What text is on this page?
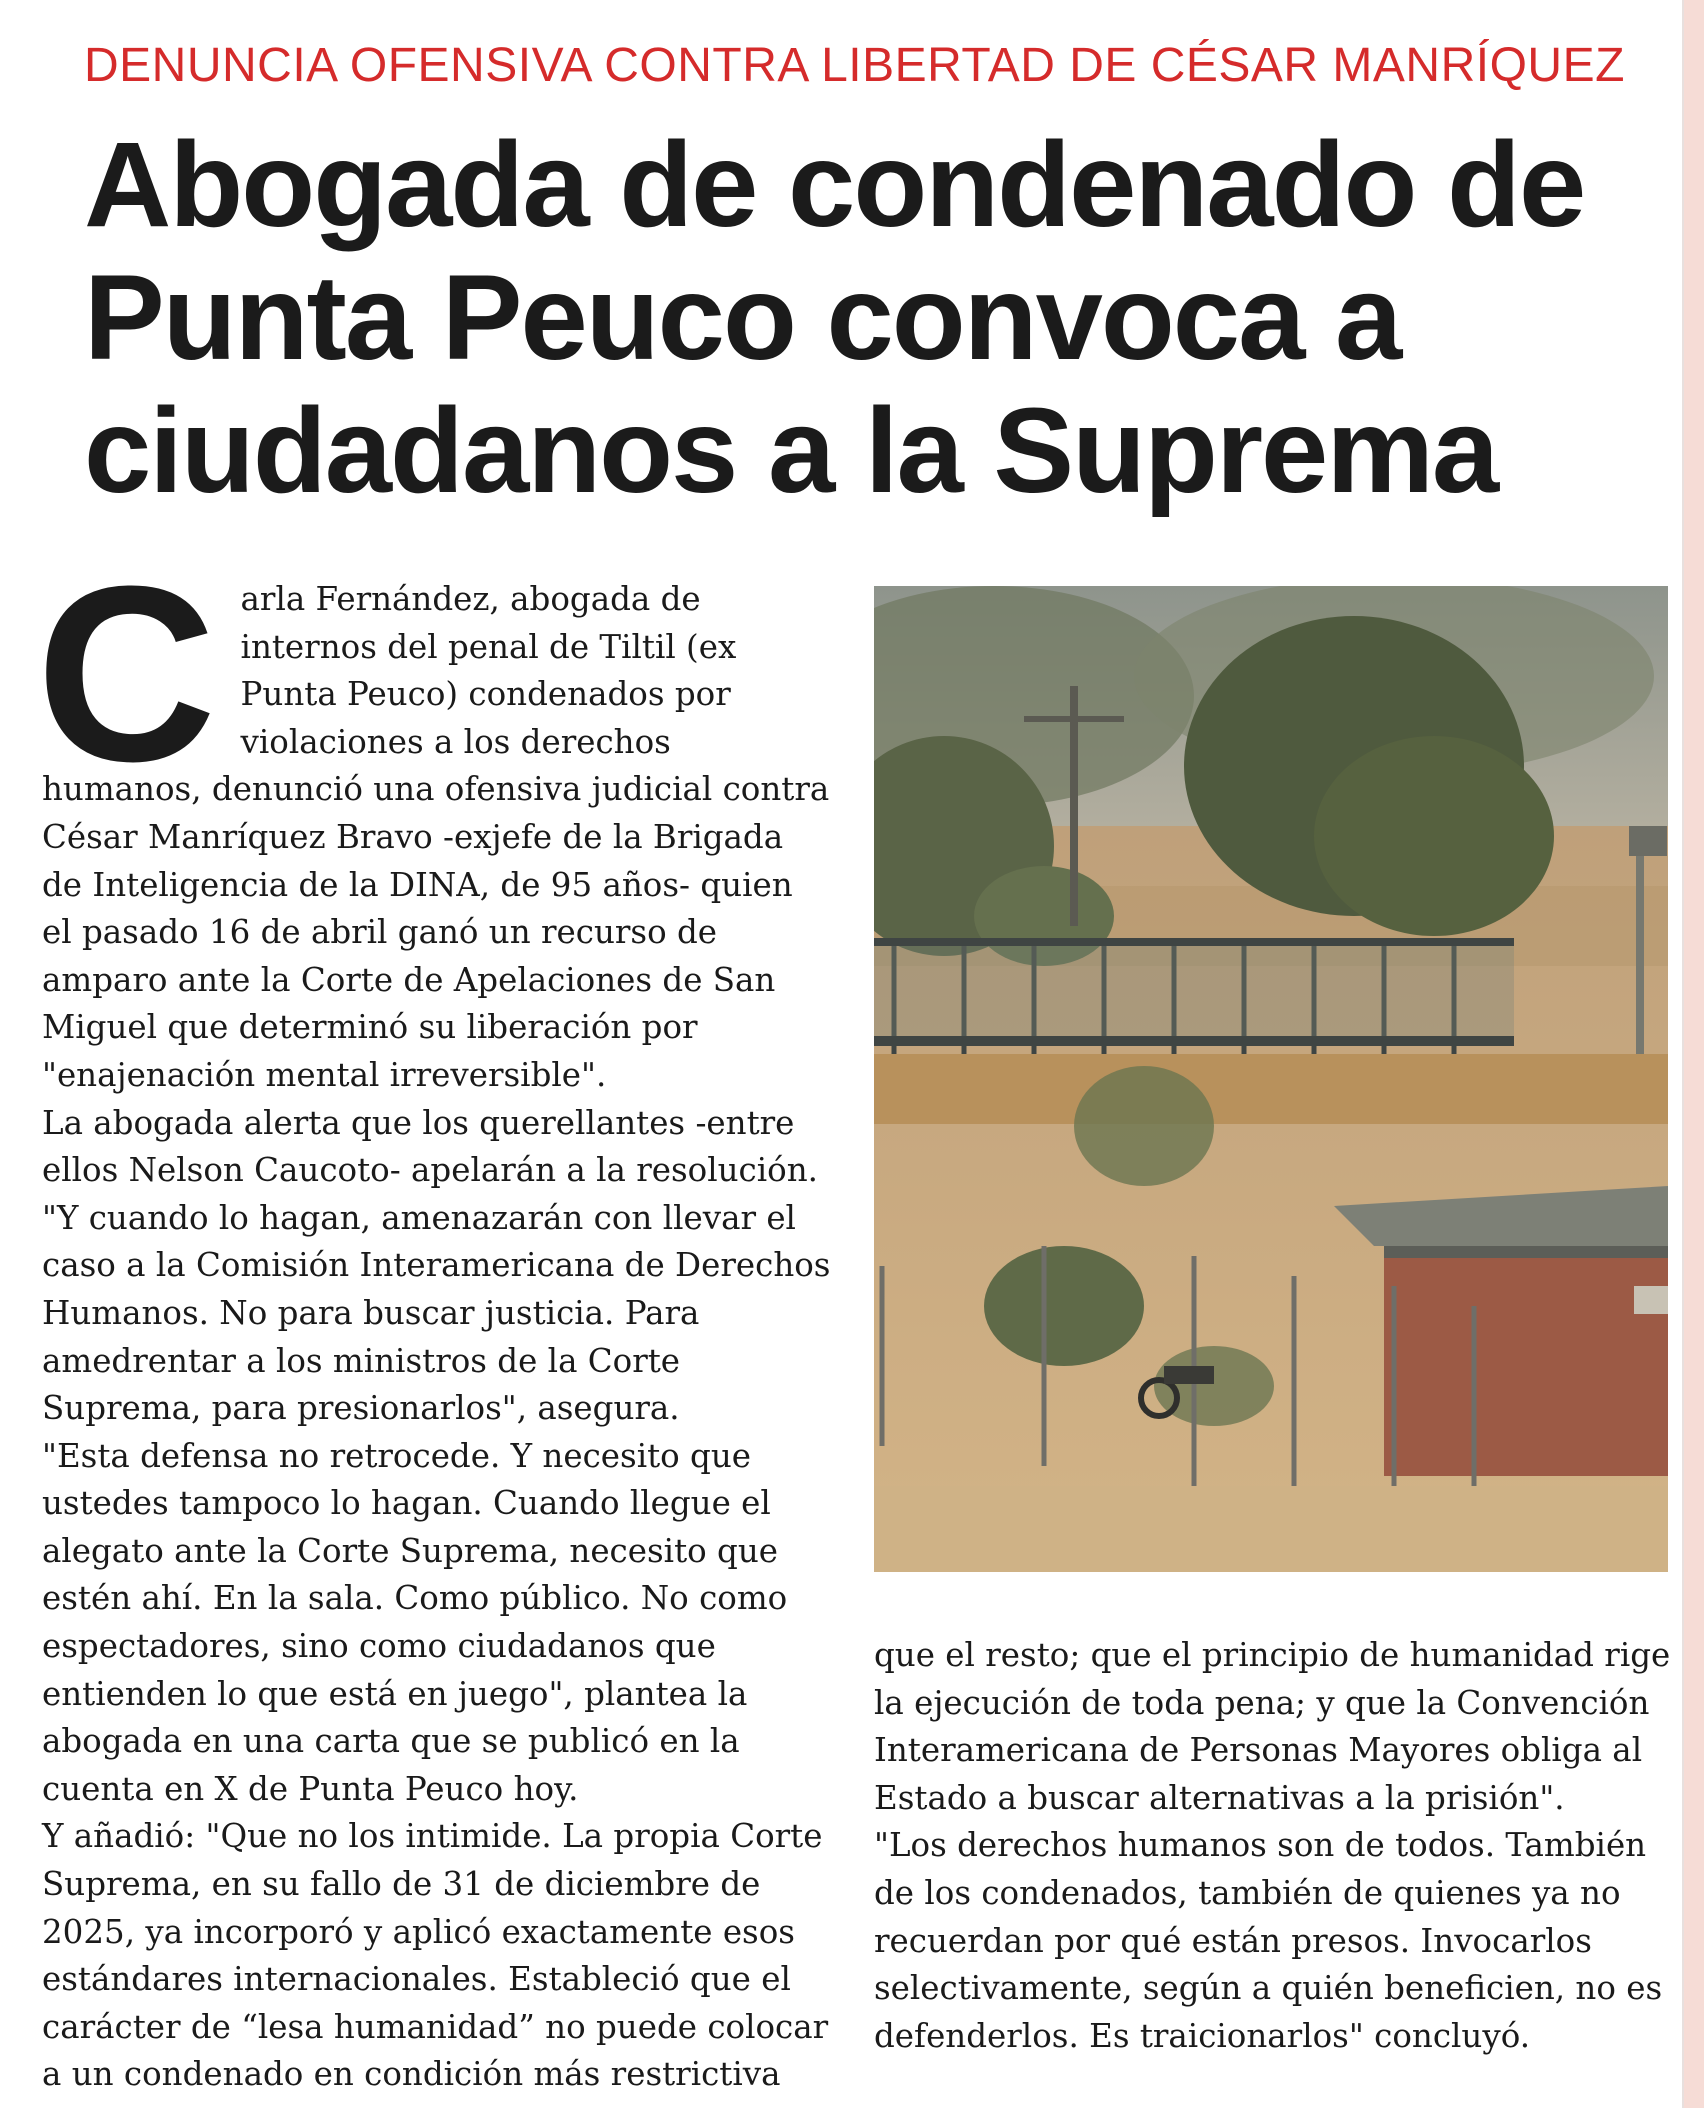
DENUNCIA OFENSIVA CONTRA LIBERTAD DE CÉSAR MANRÍQUEZ
Abogada de condenado de
Punta Peuco convoca a
ciudadanos a la Suprema

Carla Fernández, abogada de internos del penal de Tiltil (ex Punta Peuco) condenados por violaciones a los derechos humanos, denunció una ofensiva judicial contra César Manríquez Bravo -exjefe de la Brigada de Inteligencia de la DINA, de 95 años- quien el pasado 16 de abril ganó un recurso de amparo ante la Corte de Apelaciones de San Miguel que determinó su liberación por "enajenación mental irreversible".

La abogada alerta que los querellantes -entre ellos Nelson Caucoto- apelarán a la resolución. "Y cuando lo hagan, amenazarán con llevar el caso a la Comisión Interamericana de Derechos Humanos. No para buscar justicia. Para amedrentar a los ministros de la Corte Suprema, para presionarlos", asegura.

"Esta defensa no retrocede. Y necesito que ustedes tampoco lo hagan. Cuando llegue el alegato ante la Corte Suprema, necesito que estén ahí. En la sala. Como público. No como espectadores, sino como ciudadanos que entienden lo que está en juego", plantea la abogada en una carta que se publicó en la cuenta en X de Punta Peuco hoy.

Y añadió: "Que no los intimide. La propia Corte Suprema, en su fallo de 31 de diciembre de 2025, ya incorporó y aplicó exactamente esos estándares internacionales. Estableció que el carácter de “lesa humanidad” no puede colocar a un condenado en condición más restrictiva

que el resto; que el principio de humanidad rige la ejecución de toda pena; y que la Convención Interamericana de Personas Mayores obliga al Estado a buscar alternativas a la prisión".

"Los derechos humanos son de todos. También de los condenados, también de quienes ya no recuerdan por qué están presos. Invocarlos selectivamente, según a quién beneficien, no es defenderlos. Es traicionarlos" concluyó.
